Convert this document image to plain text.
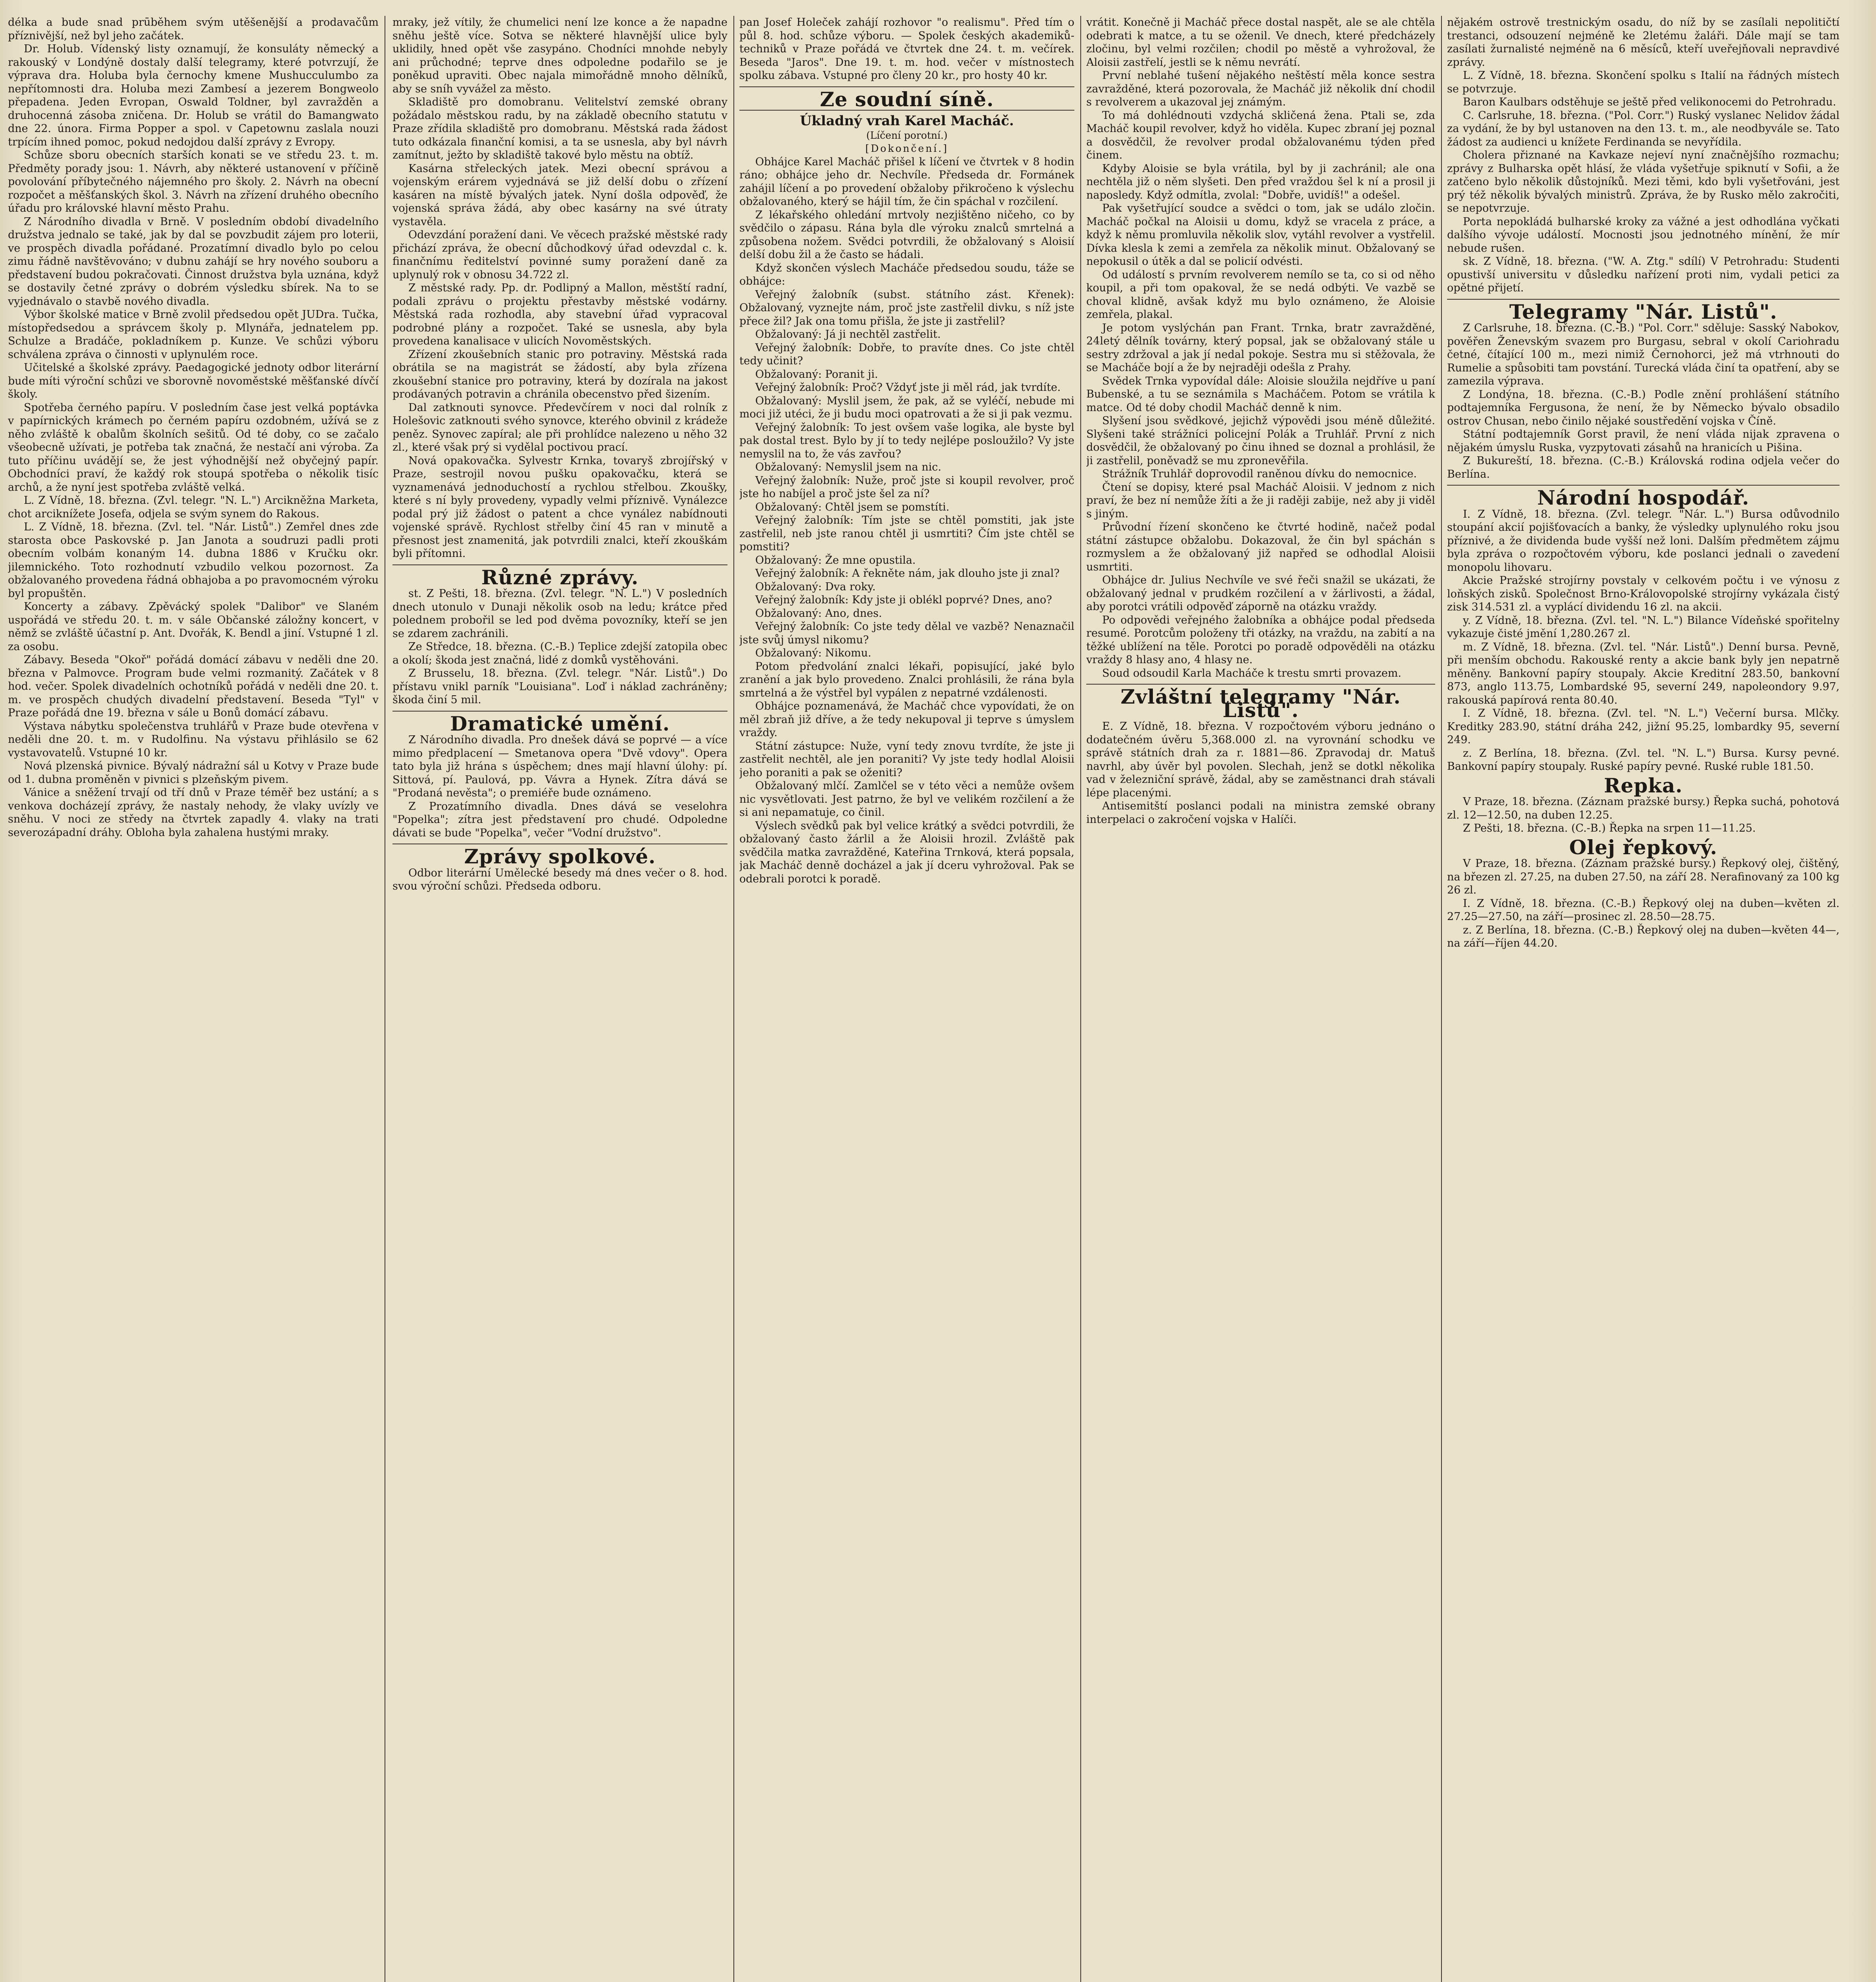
délka a bude snad prūběhem svým utěšenější a prodavačům příznivější, než byl jeho začátek.

Dr. Holub. Vídenský listy oznamují, že konsuláty německý a rakouský v Londýně dostaly další telegramy, které potvrzují, že výprava dra. Holuba byla černochy kmene Mushucculumbo za nepřítomnosti dra. Holuba mezi Zambesí a jezerem Bongweolo přepadena. Jeden Evropan, Oswald Toldner, byl zavražděn a druhocenná zásoba zničena. Dr. Holub se vrátil do Bamangwato dne 22. února. Firma Popper a spol. v Capetownu zaslala nouzi trpícím ihned pomoc, pokud nedojdou další zprávy z Evropy.

Schůze sboru obecních starších konati se ve středu 23. t. m. Předměty porady jsou: 1. Návrh, aby některé ustanovení v příčině povolování příbytečného nájemného pro školy. 2. Návrh na obecní rozpočet a měšťanských škol. 3. Návrh na zřízení druhého obecního úřadu pro královské hlavní město Prahu.

Z Národního divadla v Brně. V posledním období divadelního družstva jednalo se také, jak by dal se povzbudit zájem pro loterii, ve prospěch divadla pořádané. Prozatímní divadlo bylo po celou zimu řádně navštěvováno; v dubnu zahájí se hry nového souboru a představení budou pokračovati. Činnost družstva byla uznána, když se dostavily četné zprávy o dobrém výsledku sbírek. Na to se vyjednávalo o stavbě nového divadla.

Výbor školské matice v Brně zvolil předsedou opět JUDra. Tučka, místopředsedou a správcem školy p. Mlynářa, jednatelem pp. Schulze a Bradáče, pokladníkem p. Kunze. Ve schůzi výboru schválena zpráva o činnosti v uplynulém roce.

Učitelské a školské zprávy. Paedagogické jednoty odbor literární bude míti výroční schůzi ve sborovně novoměstské měšťanské dívčí školy.

Spotřeba černého papíru. V posledním čase jest velká poptávka v papírnických krámech po černém papíru ozdobném, užívá se z něho zvláště k obalům školních sešitů. Od té doby, co se začalo všeobecně užívati, je potřeba tak značná, že nestačí ani výroba. Za tuto příčinu uvádějí se, že jest výhodnější než obyčejný papír. Obchodníci praví, že každý rok stoupá spotřeba o několik tisíc archů, a že nyní jest spotřeba zvláště velká.

L. Z Vídně, 18. března. (Zvl. telegr. "N. L.") Arcikněžna Marketa, chot arciknížete Josefa, odjela se svým synem do Rakous.

L. Z Vídně, 18. března. (Zvl. tel. "Nár. Listů".) Zemřel dnes zde starosta obce Paskovské p. Jan Janota a soudruzi padli proti obecním volbám konaným 14. dubna 1886 v Kručku okr. jilemnického. Toto rozhodnutí vzbudilo velkou pozornost. Za obžalovaného provedena řádná obhajoba a po pravomocném výroku byl propuštěn.

Koncerty a zábavy. Zpěvácký spolek "Dalibor" ve Slaném uspořádá ve středu 20. t. m. v sále Občanské záložny koncert, v němž se zvláště účastní p. Ant. Dvořák, K. Bendl a jiní. Vstupné 1 zl. za osobu.

Zábavy. Beseda "Okoř" pořádá domácí zábavu v neděli dne 20. března v Palmovce. Program bude velmi rozmanitý. Začátek v 8 hod. večer. Spolek divadelních ochotníků pořádá v neděli dne 20. t. m. ve prospěch chudých divadelní představení. Beseda "Tyl" v Praze pořádá dne 19. března v sále u Bonů domácí zábavu.

Výstava nábytku společenstva truhlářů v Praze bude otevřena v neděli dne 20. t. m. v Rudolfinu. Na výstavu přihlásilo se 62 vystavovatelů. Vstupné 10 kr.

Nová plzenská pivnice. Bývalý nádražní sál u Kotvy v Praze bude od 1. dubna proměněn v pivnici s plzeňským pivem.

Vánice a sněžení trvají od tří dnů v Praze téměř bez ustání; a s venkova docházejí zprávy, že nastaly nehody, že vlaky uvízly ve sněhu. V noci ze středy na čtvrtek zapadly 4. vlaky na trati severozápadní dráhy. Obloha byla zahalena hustými mraky.

mraky, jež vítily, že chumelici není lze konce a že napadne sněhu ještě více. Sotva se některé hlavnější ulice byly uklidily, hned opět vše zasypáno. Chodníci mnohde nebyly ani průchodné; teprve dnes odpoledne podařilo se je poněkud upraviti. Obec najala mimořádně mnoho dělníků, aby se sníh vyvážel za město.

Skladiště pro domobranu. Velitelství zemské obrany požádalo městskou radu, by na základě obecního statutu v Praze zřídila skladiště pro domobranu. Městská rada žádost tuto odkázala finanční komisi, a ta se usnesla, aby byl návrh zamítnut, ježto by skladiště takové bylo městu na obtíž.

Kasárna střeleckých jatek. Mezi obecní správou a vojenským erárem vyjednává se již delší dobu o zřízení kasáren na místě bývalých jatek. Nyní došla odpověď, že vojenská správa žádá, aby obec kasárny na své útraty vystavěla.

Odevzdání poražení dani. Ve věcech pražské městské rady přichází zpráva, že obecní důchodkový úřad odevzdal c. k. finančnímu ředitelství povinné sumy poražení daně za uplynulý rok v obnosu 34.722 zl.

Z městské rady. Pp. dr. Podlipný a Mallon, městští radní, podali zprávu o projektu přestavby městské vodárny. Městská rada rozhodla, aby stavební úřad vypracoval podrobné plány a rozpočet. Také se usnesla, aby byla provedena kanalisace v ulicích Novoměstských.

Zřízení zkoušebních stanic pro potraviny. Městská rada obrátila se na magistrát se žádostí, aby byla zřízena zkoušební stanice pro potraviny, která by dozírala na jakost prodávaných potravin a chránila obecenstvo před šizením.

Dal zatknouti synovce. Předevčírem v noci dal rolník z Holešovic zatknouti svého synovce, kterého obvinil z krádeže peněz. Synovec zapíral; ale při prohlídce nalezeno u něho 32 zl., které však prý si vydělal poctivou prací.

Nová opakovačka. Sylvestr Krnka, tovaryš zbrojířský v Praze, sestrojil novou pušku opakovačku, která se vyznamenává jednoduchostí a rychlou střelbou. Zkoušky, které s ní byly provedeny, vypadly velmi příznivě. Vynálezce podal prý již žádost o patent a chce vynález nabídnouti vojenské správě. Rychlost střelby činí 45 ran v minutě a přesnost jest znamenitá, jak potvrdili znalci, kteří zkouškám byli přítomni.

Různé zprávy.

st. Z Pešti, 18. března. (Zvl. telegr. "N. L.") V posledních dnech utonulo v Dunaji několik osob na ledu; krátce před polednem probořil se led pod dvěma povozníky, kteří se jen se zdarem zachránili.

Ze Středce, 18. března. (C.-B.) Teplice zdejší zatopila obec a okolí; škoda jest značná, lidé z domků vystěhováni.

Z Brusselu, 18. března. (Zvl. telegr. "Nár. Listů".) Do přístavu vnikl parník "Louisiana". Loď i náklad zachráněny; škoda činí 5 mil.

Dramatické umění.

Z Národního divadla. Pro dnešek dává se poprvé — a více mimo předplacení — Smetanova opera "Dvě vdovy". Opera tato byla již hrána s úspěchem; dnes mají hlavní úlohy: pí. Sittová, pí. Paulová, pp. Vávra a Hynek. Zítra dává se "Prodaná nevěsta"; o premiéře bude oznámeno.

Z Prozatímního divadla. Dnes dává se veselohra "Popelka"; zítra jest představení pro chudé. Odpoledne dávati se bude "Popelka", večer "Vodní družstvo".

Zprávy spolkové.

Odbor literární Umělecké besedy má dnes večer o 8. hod. svou výroční schůzi. Předseda odboru.

pan Josef Holeček zahájí rozhovor "o realismu". Před tím o půl 8. hod. schůze výboru. — Spolek českých akademiků-techniků v Praze pořádá ve čtvrtek dne 24. t. m. večírek. Beseda "Jaros". Dne 19. t. m. hod. večer v místnostech spolku zábava. Vstupné pro členy 20 kr., pro hosty 40 kr.

Ze soudní síně.
Úkladný vrah Karel Macháč.

(Líčení porotní.)

[Dokončení.]

Obhájce Karel Macháč přišel k líčení ve čtvrtek v 8 hodin ráno; obhájce jeho dr. Nechvíle. Předseda dr. Formánek zahájil líčení a po provedení obžaloby přikročeno k výslechu obžalovaného, který se hájil tím, že čin spáchal v rozčilení.

Z lékařského ohledání mrtvoly nezjištěno ničeho, co by svědčilo o zápasu. Rána byla dle výroku znalců smrtelná a způsobena nožem. Svědci potvrdili, že obžalovaný s Aloisií delší dobu žil a že často se hádali.

Když skončen výslech Macháče předsedou soudu, táže se obhájce:

Veřejný žalobník (subst. státního zást. Křenek): Obžalovaný, vyznejte nám, proč jste zastřelil divku, s níž jste přece žil? Jak ona tomu přišla, že jste ji zastřelil?

Obžalovaný: Já ji nechtěl zastřelit.

Veřejný žalobník: Dobře, to pravíte dnes. Co jste chtěl tedy učinit?

Obžalovaný: Poranit ji.

Veřejný žalobník: Proč? Vždyť jste ji měl rád, jak tvrdíte.

Obžalovaný: Myslil jsem, že pak, až se vyléčí, nebude mi moci již utéci, že ji budu moci opatrovati a že si ji pak vezmu.

Veřejný žalobník: To jest ovšem vaše logika, ale byste byl pak dostal trest. Bylo by jí to tedy nejlépe posloužilo? Vy jste nemyslil na to, že vás zavřou?

Obžalovaný: Nemyslil jsem na nic.

Veřejný žalobník: Nuže, proč jste si koupil revolver, proč jste ho nabíjel a proč jste šel za ní?

Obžalovaný: Chtěl jsem se pomstíti.

Veřejný žalobník: Tím jste se chtěl pomstiti, jak jste zastřelil, neb jste ranou chtěl ji usmrtiti? Čím jste chtěl se pomstiti?

Obžalovaný: Že mne opustila.

Veřejný žalobník: A řekněte nám, jak dlouho jste ji znal?

Obžalovaný: Dva roky.

Veřejný žalobník: Kdy jste ji oblékl poprvé? Dnes, ano?

Obžalovaný: Ano, dnes.

Veřejný žalobník: Co jste tedy dělal ve vazbě? Nenaznačil jste svůj úmysl nikomu?

Obžalovaný: Nikomu.

Potom předvolání znalci lékaři, popisující, jaké bylo zranění a jak bylo provedeno. Znalci prohlásili, že rána byla smrtelná a že výstřel byl vypálen z nepatrné vzdálenosti.

Obhájce poznamenává, že Macháč chce vypovídati, že on měl zbraň již dříve, a že tedy nekupoval ji teprve s úmyslem vraždy.

Státní zástupce: Nuže, vyní tedy znovu tvrdíte, že jste ji zastřelit nechtěl, ale jen poraniti? Vy jste tedy hodlal Aloisii jeho poraniti a pak se oženiti?

Obžalovaný mlčí. Zamlčel se v této věci a nemůže ovšem nic vysvětlovati. Jest patrno, že byl ve velikém rozčilení a že si ani nepamatuje, co činil.

Výslech svědků pak byl velice krátký a svědci potvrdili, že obžalovaný často žárlil a že Aloisii hrozil. Zvláště pak svědčila matka zavražděné, Kateřina Trnková, která popsala, jak Macháč denně docházel a jak jí dceru vyhrožoval. Pak se odebrali porotci k poradě.

vrátit. Konečně ji Macháč přece dostal naspět, ale se ale chtěla odebrati k matce, a tu se oženil. Ve dnech, které předcházely zločinu, byl velmi rozčilen; chodil po městě a vyhrožoval, že Aloisii zastřelí, jestli se k němu nevrátí.

První neblahé tušení nějakého neštěstí měla konce sestra zavražděné, která pozorovala, že Macháč již několik dní chodil s revolverem a ukazoval jej známým.

To má dohlédnouti vzdychá skličená žena. Ptali se, zda Macháč koupil revolver, když ho viděla. Kupec zbraní jej poznal a dosvědčil, že revolver prodal obžalovanému týden před činem.

Kdyby Aloisie se byla vrátila, byl by ji zachránil; ale ona nechtěla již o něm slyšeti. Den před vraždou šel k ní a prosil ji naposledy. Když odmítla, zvolal: "Dobře, uvidíš!" a odešel.

Pak vyšetřující soudce a svědci o tom, jak se událo zločin. Macháč počkal na Aloisii u domu, když se vracela z práce, a když k němu promluvila několik slov, vytáhl revolver a vystřelil. Dívka klesla k zemi a zemřela za několik minut. Obžalovaný se nepokusil o útěk a dal se policií odvésti.

Od událostí s prvním revolverem nemílo se ta, co si od něho koupil, a při tom opakoval, že se nedá odbýti. Ve vazbě se choval klidně, avšak když mu bylo oznámeno, že Aloisie zemřela, plakal.

Je potom vyslýchán pan Frant. Trnka, bratr zavražděné, 24letý dělník továrny, který popsal, jak se obžalovaný stále u sestry zdržoval a jak jí nedal pokoje. Sestra mu si stěžovala, že se Macháče bojí a že by nejraději odešla z Prahy.

Svědek Trnka vypovídal dále: Aloisie sloužila nejdříve u paní Bubenské, a tu se seznámila s Macháčem. Potom se vrátila k matce. Od té doby chodil Macháč denně k nim.

Slyšení jsou svědkové, jejichž výpovědi jsou méně důležité. Slyšeni také strážníci policejní Polák a Truhlář. První z nich dosvědčil, že obžalovaný po činu ihned se doznal a prohlásil, že ji zastřelil, poněvadž se mu zpronevěřila.

Strážník Truhlář doprovodil raněnou dívku do nemocnice.

Čtení se dopisy, které psal Macháč Aloisii. V jednom z nich praví, že bez ní nemůže žíti a že ji raději zabije, než aby ji viděl s jiným.

Průvodní řízení skončeno ke čtvrté hodině, načež podal státní zástupce obžalobu. Dokazoval, že čin byl spáchán s rozmyslem a že obžalovaný již napřed se odhodlal Aloisii usmrtiti.

Obhájce dr. Julius Nechvíle ve své řeči snažil se ukázati, že obžalovaný jednal v prudkém rozčilení a v žárlivosti, a žádal, aby porotci vrátili odpověď záporně na otázku vraždy.

Po odpovědi veřejného žalobníka a obhájce podal předseda resumé. Porotcům položeny tři otázky, na vraždu, na zabití a na těžké ublížení na těle. Porotci po poradě odpověděli na otázku vraždy 8 hlasy ano, 4 hlasy ne.

Soud odsoudil Karla Macháče k trestu smrti provazem.

Zvláštní telegramy "Nár. Listů".

E. Z Vídně, 18. března. V rozpočtovém výboru jednáno o dodatečném úvěru 5,368.000 zl. na vyrovnání schodku ve správě státních drah za r. 1881—86. Zpravodaj dr. Matuš navrhl, aby úvěr byl povolen. Slechah, jenž se dotkl několika vad v železniční správě, žádal, aby se zaměstnanci drah stávali lépe placenými.

Antisemitští poslanci podali na ministra zemské obrany interpelaci o zakročení vojska v Halíči.

nějakém ostrově trestnickým osadu, do níž by se zasílali nepolitičtí trestanci, odsouzení nejméně ke 2letému žaláři. Dále mají se tam zasílati žurnalisté nejméně na 6 měsíců, kteří uveřejňovali nepravdivé zprávy.

L. Z Vídně, 18. března. Skončení spolku s Italií na řádných místech se potvrzuje.

Baron Kaulbars odstěhuje se ještě před velikonocemi do Petrohradu.

C. Carlsruhe, 18. března. ("Pol. Corr.") Ruský vyslanec Nelidov žádal za vydání, že by byl ustanoven na den 13. t. m., ale neodbyvále se. Tato žádost za audienci u knížete Ferdinanda se nevyřídila.

Cholera přiznané na Kavkaze nejeví nyní značnějšího rozmachu; zprávy z Bulharska opět hlásí, že vláda vyšetřuje spiknutí v Sofii, a že zatčeno bylo několik důstojníků. Mezi těmi, kdo byli vyšetřováni, jest prý též několik bývalých ministrů. Zpráva, že by Rusko mělo zakročiti, se nepotvrzuje.

Porta nepokládá bulharské kroky za vážné a jest odhodlána vyčkati dalšího vývoje událostí. Mocnosti jsou jednotného mínění, že mír nebude rušen.

sk. Z Vídně, 18. března. ("W. A. Ztg." sdílí) V Petrohradu: Studenti opustivší universitu v důsledku nařízení proti nim, vydali petici za opětné přijetí.

Telegramy "Nár. Listů".

Z Carlsruhe, 18. března. (C.-B.) "Pol. Corr." sděluje: Sasský Nabokov, pověřen Ženevským svazem pro Burgasu, sebral v okolí Cariohradu četné, čítající 100 m., mezi nimiž Černohorci, jež má vtrhnouti do Rumelie a spůsobiti tam povstání. Turecká vláda činí ta opatření, aby se zamezila výprava.

Z Londýna, 18. března. (C.-B.) Podle znění prohlášení státního podtajemníka Fergusona, že není, že by Německo bývalo obsadilo ostrov Chusan, nebo činilo nějaké soustředění vojska v Číně.

Státní podtajemník Gorst pravil, že není vláda nijak zpravena o nějakém úmyslu Ruska, vyzpytovati zásahů na hranicích u Pišina.

Z Bukureští, 18. března. (C.-B.) Královská rodina odjela večer do Berlína.

Národní hospodář.

I. Z Vídně, 18. března. (Zvl. telegr. "Nár. L.") Bursa odůvodnilo stoupání akcií pojišťovacích a banky, že výsledky uplynulého roku jsou příznivé, a že dividenda bude vyšší než loni. Dalším předmětem zájmu byla zpráva o rozpočtovém výboru, kde poslanci jednali o zavedení monopolu lihovaru.

Akcie Pražské strojírny povstaly v celkovém počtu i ve výnosu z loňských zisků. Společnost Brno-Královopolské strojírny vykázala čistý zisk 314.531 zl. a vyplácí dividendu 16 zl. na akcii.

y. Z Vídně, 18. března. (Zvl. tel. "N. L.") Bilance Vídeňské spořitelny vykazuje čisté jmění 1,280.267 zl.

m. Z Vídně, 18. března. (Zvl. tel. "Nár. Listů".) Denní bursa. Pevně, při menším obchodu. Rakouské renty a akcie bank byly jen nepatrně měněny. Bankovní papíry stoupaly. Akcie Kreditní 283.50, bankovní 873, anglo 113.75, Lombardské 95, severní 249, napoleondory 9.97, rakouská papírová renta 80.40.

I. Z Vídně, 18. března. (Zvl. tel. "N. L.") Večerní bursa. Mlčky. Kreditky 283.90, státní dráha 242, jižní 95.25, lombardky 95, severní 249.

z. Z Berlína, 18. března. (Zvl. tel. "N. L.") Bursa. Kursy pevné. Bankovní papíry stoupaly. Ruské papíry pevné. Ruské ruble 181.50.

Repka.

V Praze, 18. března. (Záznam pražské bursy.) Řepka suchá, pohotová zl. 12—12.50, na duben 12.25.

Z Pešti, 18. března. (C.-B.) Řepka na srpen 11—11.25.

Olej řepkový.

V Praze, 18. března. (Záznam pražské bursy.) Řepkový olej, čištěný, na březen zl. 27.25, na duben 27.50, na září 28. Nerafinovaný za 100 kg 26 zl.

I. Z Vídně, 18. března. (C.-B.) Řepkový olej na duben—květen zl. 27.25—27.50, na září—prosinec zl. 28.50—28.75.

z. Z Berlína, 18. března. (C.-B.) Řepkový olej na duben—květen 44—, na září—říjen 44.20.
